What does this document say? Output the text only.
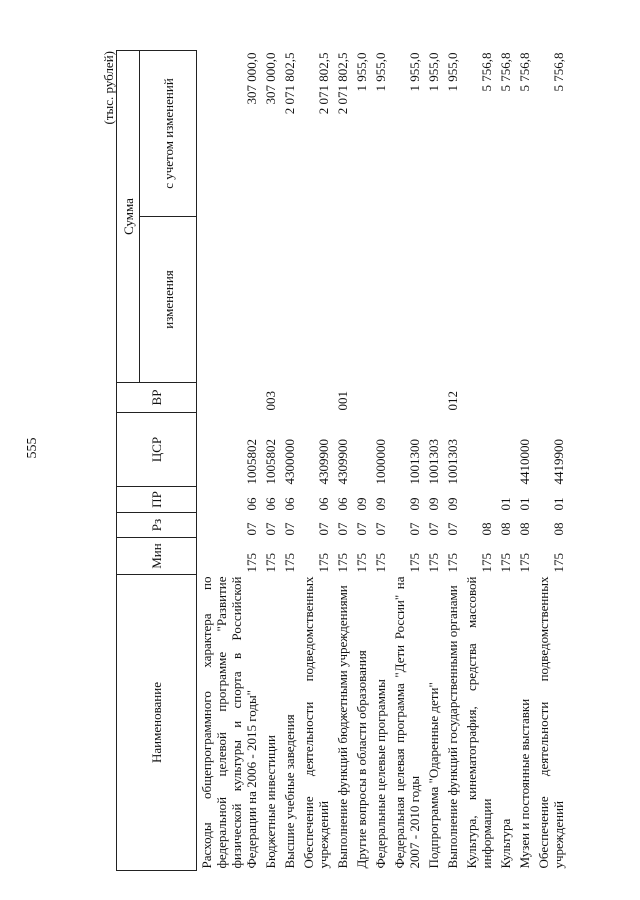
555
(тыс. рублей)
Наименование	Мин	Рз	ПР	ЦСР	ВР	Сумма	
						изменения	с учетом изменений
Расходы общепрограммного характера по федеральной целевой программе "Развитие физической культуры и спорта в Российской Федерации на 2006 - 2015 годы"	175	07	06	1005802			307 000,0
Бюджетные инвестиции	175	07	06	1005802	003		307 000,0
Высшие учебные заведения	175	07	06	4300000			2 071 802,5
Обеспечение деятельности подведомственных учреждений	175	07	06	4309900			2 071 802,5
Выполнение функций бюджетными учреждениями	175	07	06	4309900	001		2 071 802,5
Другие вопросы в области образования	175	07	09				1 955,0
Федеральные целевые программы	175	07	09	1000000			1 955,0
Федеральная целевая программа "Дети России" на 2007 - 2010 годы	175	07	09	1001300			1 955,0
Подпрограмма "Одаренные дети"	175	07	09	1001303			1 955,0
Выполнение функций государственными органами	175	07	09	1001303	012		1 955,0
Культура, кинематография, средства массовой информации	175	08					5 756,8
Культура	175	08	01				5 756,8
Музеи и постоянные выставки	175	08	01	4410000			5 756,8
Обеспечение деятельности подведомственных учреждений	175	08	01	4419900			5 756,8
